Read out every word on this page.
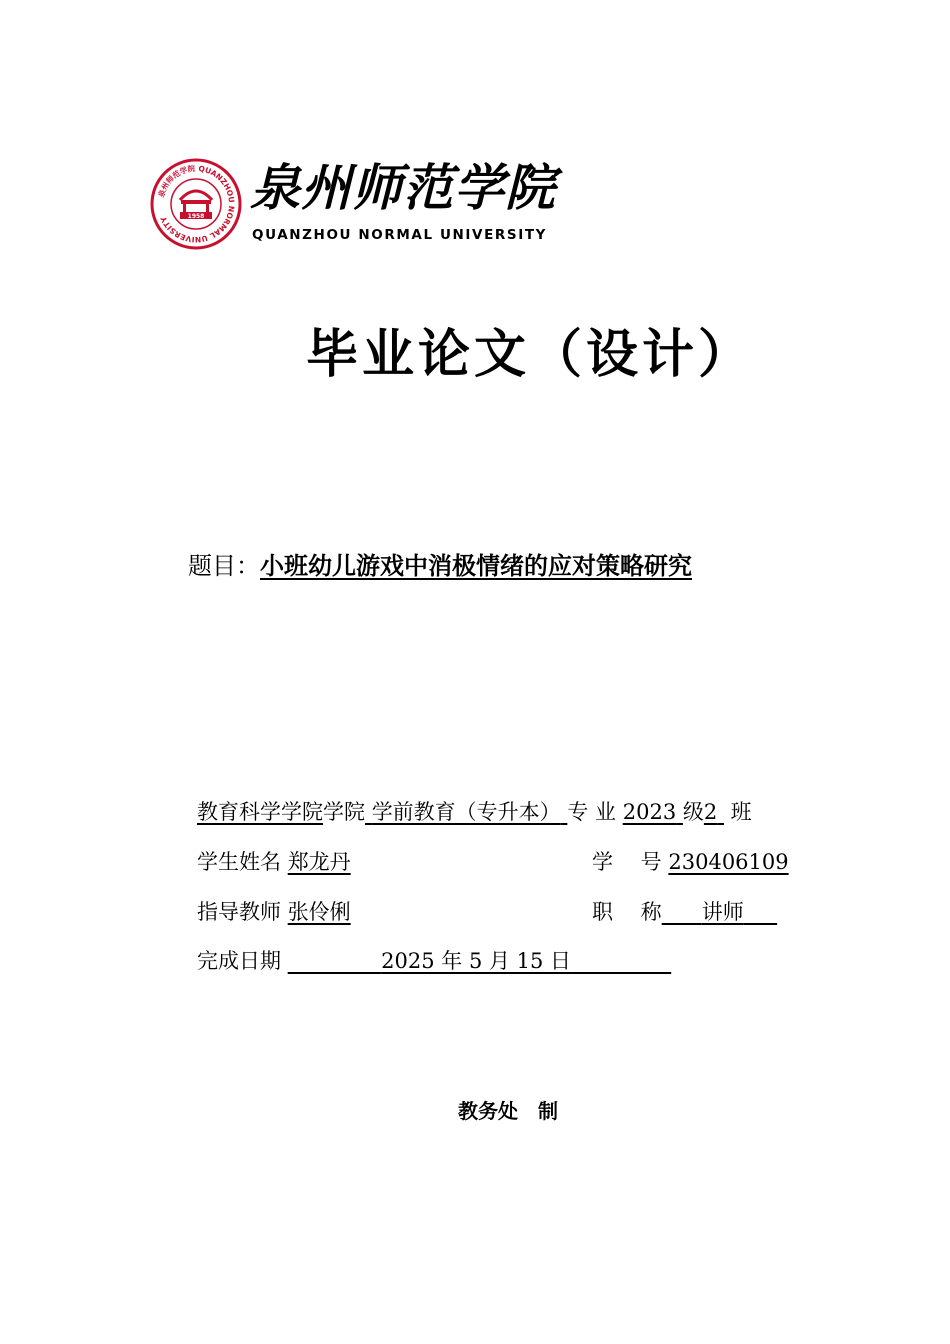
泉州师范学院 QUANZHOU NORMAL UNIVERSITY	1958 泉州师范学院
QUANZHOU NORMAL UNIVERSITY
毕业论文（设计）
题目：小班幼儿游戏中消极情绪的应对策略研究
教育科学学院学院 学前教育（专升本） 专 业 2023 级2 班
学生姓名 郑龙丹	学　 号 230406109
指导教师 张伶俐	职　 称 讲师
完成日期	2025 年 5 月 15 日
教务处　制
